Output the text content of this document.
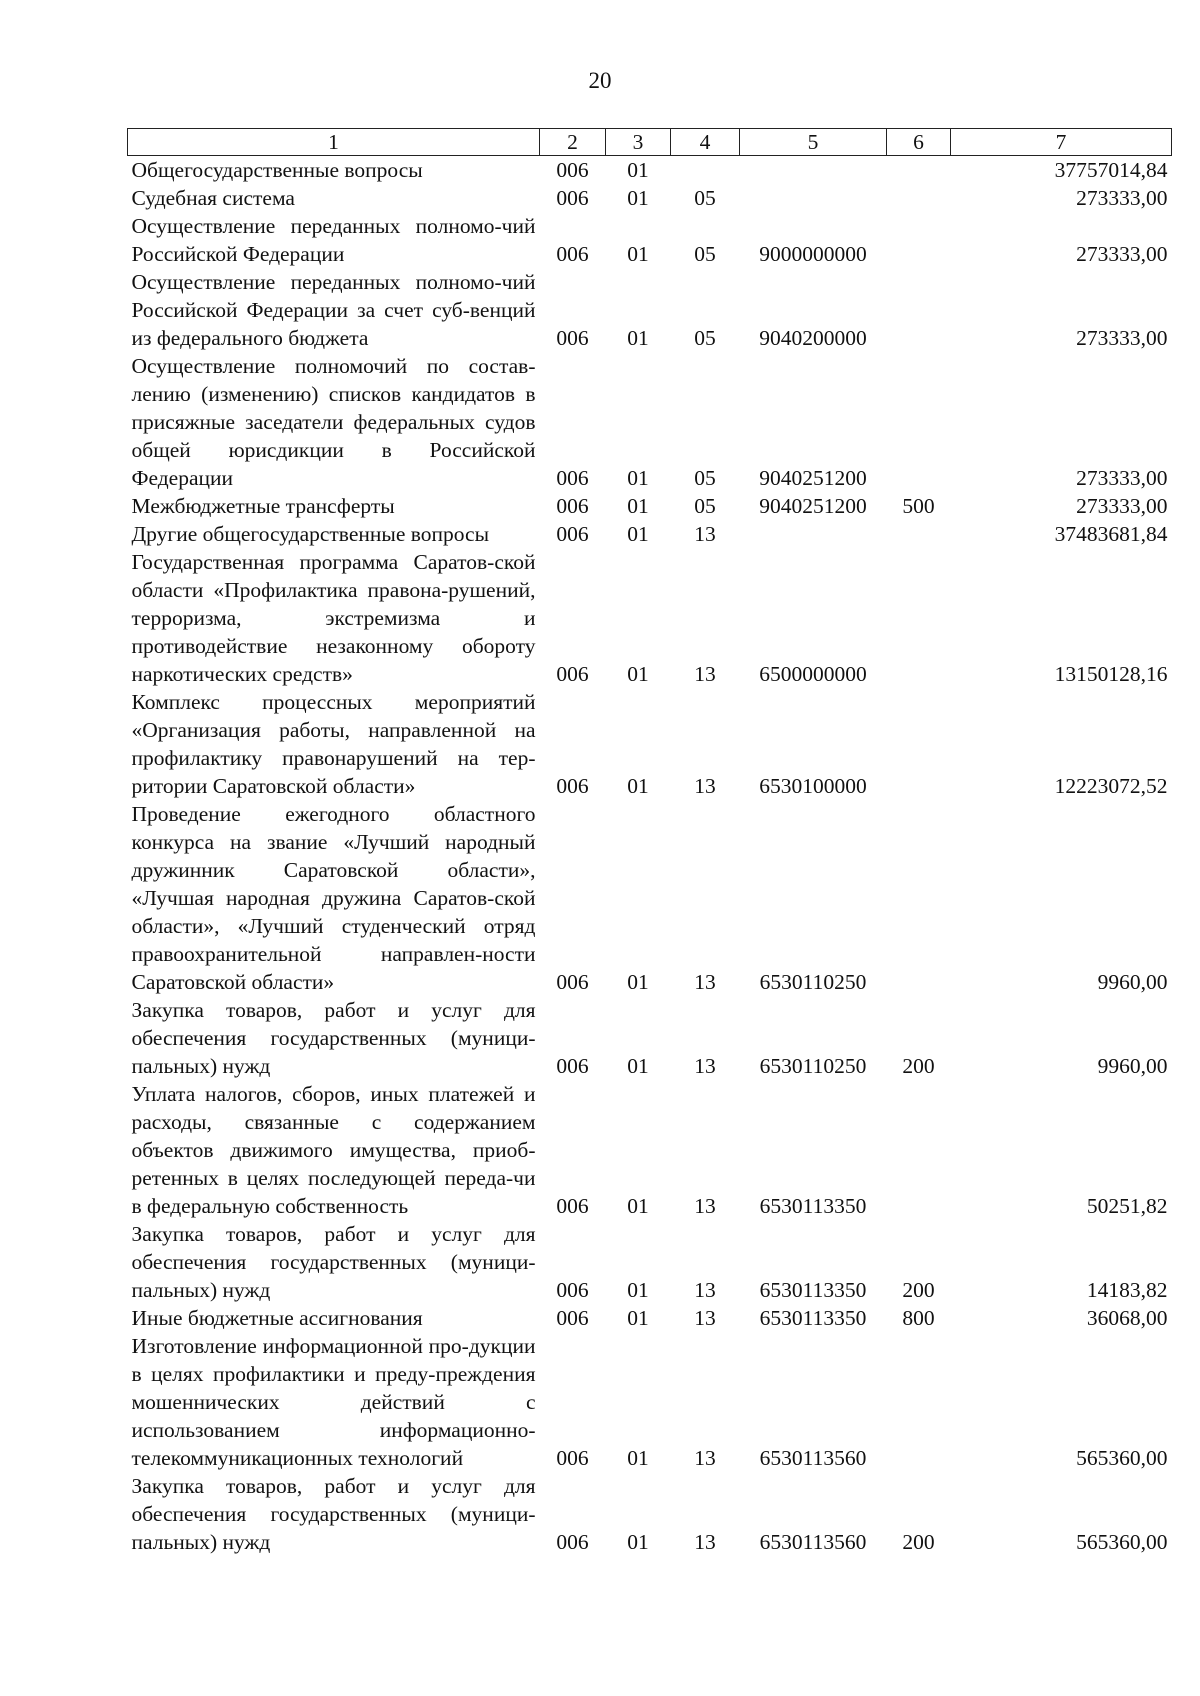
20
1	2	3	4	5	6	7
Общегосударственные вопросы	006	01				37757014,84
Судебная система	006	01	05			273333,00
Осуществление переданных полномо-чий Российской Федерации	006	01	05	9000000000		273333,00
Осуществление переданных полномо-чий Российской Федерации за счет суб-венций из федерального бюджета	006	01	05	9040200000		273333,00
Осуществление полномочий по состав-лению (изменению) списков кандидатов в присяжные заседатели федеральных судов общей юрисдикции в Российской Федерации	006	01	05	9040251200		273333,00
Межбюджетные трансферты	006	01	05	9040251200	500	273333,00
Другие общегосударственные вопросы	006	01	13			37483681,84
Государственная программа Саратов-ской области «Профилактика правона-рушений, терроризма, экстремизма и противодействие незаконному обороту наркотических средств»	006	01	13	6500000000		13150128,16
Комплекс процессных мероприятий «Организация работы, направленной на профилактику правонарушений на тер-ритории Саратовской области»	006	01	13	6530100000		12223072,52
Проведение ежегодного областного конкурса на звание «Лучший народный дружинник Саратовской области», «Лучшая народная дружина Саратов-ской области», «Лучший студенческий отряд правоохранительной направлен-ности Саратовской области»	006	01	13	6530110250		9960,00
Закупка товаров, работ и услуг для обеспечения государственных (муници-пальных) нужд	006	01	13	6530110250	200	9960,00
Уплата налогов, сборов, иных платежей и расходы, связанные с содержанием объектов движимого имущества, приоб-ретенных в целях последующей переда-чи в федеральную собственность	006	01	13	6530113350		50251,82
Закупка товаров, работ и услуг для обеспечения государственных (муници-пальных) нужд	006	01	13	6530113350	200	14183,82
Иные бюджетные ассигнования	006	01	13	6530113350	800	36068,00
Изготовление информационной про-дукции в целях профилактики и преду-преждения мошеннических действий с использованием информационно-телекоммуникационных технологий	006	01	13	6530113560		565360,00
Закупка товаров, работ и услуг для обеспечения государственных (муници-пальных) нужд	006	01	13	6530113560	200	565360,00
